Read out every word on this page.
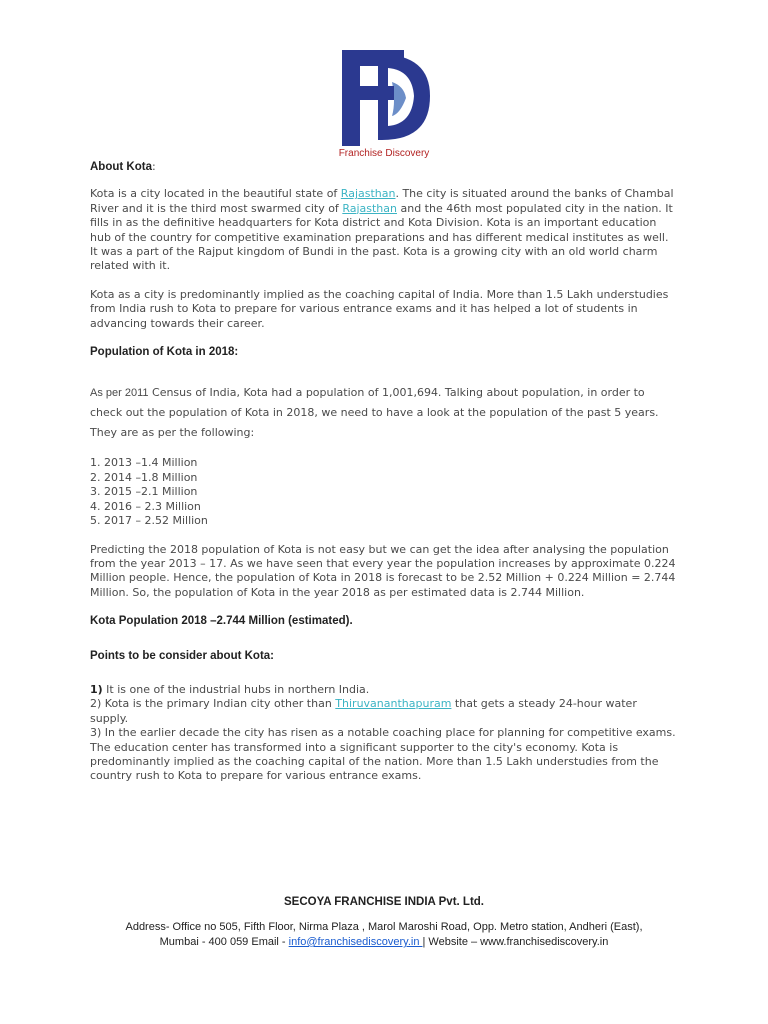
Franchise Discovery
About Kota:

Kota is a city located in the beautiful state of Rajasthan. The city is situated around the banks of Chambal River and it is the third most swarmed city of Rajasthan and the 46th most populated city in the nation. It fills in as the definitive headquarters for Kota district and Kota Division. Kota is an important education hub of the country for competitive examination preparations and has different medical institutes as well. It was a part of the Rajput kingdom of Bundi in the past. Kota is a growing city with an old world charm related with it.

Kota as a city is predominantly implied as the coaching capital of India. More than 1.5 Lakh understudies from India rush to Kota to prepare for various entrance exams and it has helped a lot of students in advancing towards their career.

Population of Kota in 2018:

As per 2011 Census of India, Kota had a population of 1,001,694. Talking about population, in order to check out the population of Kota in 2018, we need to have a look at the population of the past 5 years. They are as per the following:

1. 2013 –1.4 Million
2. 2014 –1.8 Million
3. 2015 –2.1 Million
4. 2016 – 2.3 Million
5. 2017 – 2.52 Million

Predicting the 2018 population of Kota is not easy but we can get the idea after analysing the population from the year 2013 – 17. As we have seen that every year the population increases by approximate 0.224 Million people. Hence, the population of Kota in 2018 is forecast to be 2.52 Million + 0.224 Million = 2.744 Million. So, the population of Kota in the year 2018 as per estimated data is 2.744 Million.

Kota Population 2018 –2.744 Million (estimated).
Points to be consider about Kota:
1) It is one of the industrial hubs in northern India.
2) Kota is the primary Indian city other than Thiruvananthapuram that gets a steady 24-hour water supply.
3) In the earlier decade the city has risen as a notable coaching place for planning for competitive exams. The education center has transformed into a significant supporter to the city's economy. Kota is predominantly implied as the coaching capital of the nation. More than 1.5 Lakh understudies from the country rush to Kota to prepare for various entrance exams.
SECOYA FRANCHISE INDIA Pvt. Ltd.
Address- Office no 505, Fifth Floor, Nirma Plaza , Marol Maroshi Road, Opp. Metro station, Andheri (East),
Mumbai - 400 059 Email - info@franchisediscovery.in | Website – www.franchisediscovery.in
